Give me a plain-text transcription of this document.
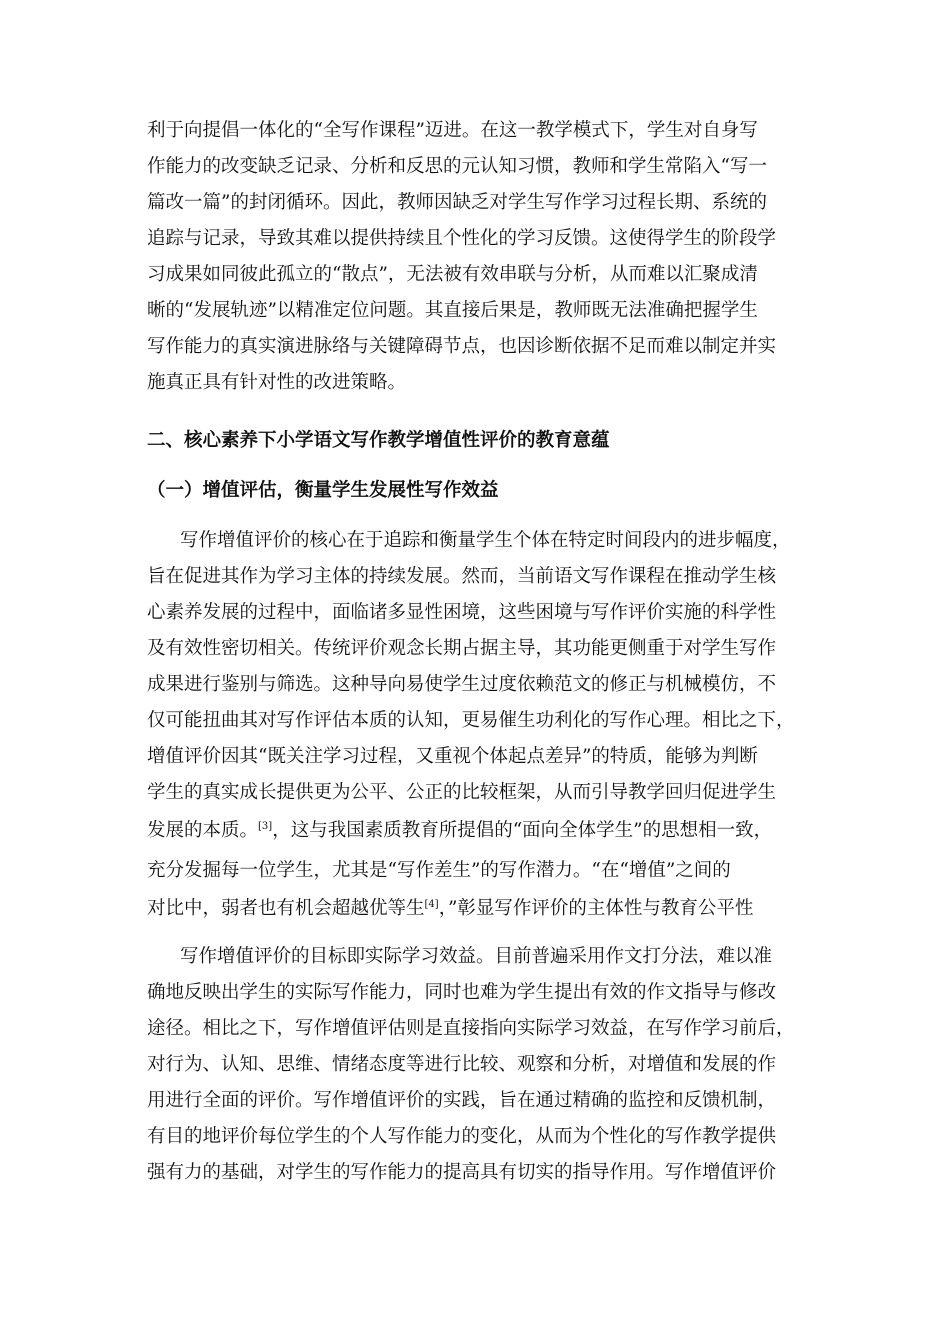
利于向提倡一体化的“全写作课程”迈进。在这一教学模式下，学生对自身写
作能力的改变缺乏记录、分析和反思的元认知习惯，教师和学生常陷入“写一
篇改一篇”的封闭循环。因此，教师因缺乏对学生写作学习过程长期、系统的
追踪与记录，导致其难以提供持续且个性化的学习反馈。这使得学生的阶段学
习成果如同彼此孤立的“散点”，无法被有效串联与分析，从而难以汇聚成清
晰的“发展轨迹”以精准定位问题。其直接后果是，教师既无法准确把握学生
写作能力的真实演进脉络与关键障碍节点，也因诊断依据不足而难以制定并实
施真正具有针对性的改进策略。
二、核心素养下小学语文写作教学增值性评价的教育意蕴
（一）增值评估，衡量学生发展性写作效益
写作增值评价的核心在于追踪和衡量学生个体在特定时间段内的进步幅度，
旨在促进其作为学习主体的持续发展。然而，当前语文写作课程在推动学生核
心素养发展的过程中，面临诸多显性困境，这些困境与写作评价实施的科学性
及有效性密切相关。传统评价观念长期占据主导，其功能更侧重于对学生写作
成果进行鉴别与筛选。这种导向易使学生过度依赖范文的修正与机械模仿，不
仅可能扭曲其对写作评估本质的认知，更易催生功利化的写作心理。相比之下，
增值评价因其“既关注学习过程，又重视个体起点差异”的特质，能够为判断
学生的真实成长提供更为公平、公正的比较框架，从而引导教学回归促进学生
发展的本质。[3]，这与我国素质教育所提倡的“面向全体学生”的思想相一致，
充分发掘每一位学生，尤其是“写作差生”的写作潜力。“在“增值”之间的
对比中，弱者也有机会超越优等生[4]，”彰显写作评价的主体性与教育公平性
写作增值评价的目标即实际学习效益。目前普遍采用作文打分法，难以准
确地反映出学生的实际写作能力，同时也难为学生提出有效的作文指导与修改
途径。相比之下，写作增值评估则是直接指向实际学习效益，在写作学习前后，
对行为、认知、思维、情绪态度等进行比较、观察和分析，对增值和发展的作
用进行全面的评价。写作增值评价的实践，旨在通过精确的监控和反馈机制，
有目的地评价每位学生的个人写作能力的变化，从而为个性化的写作教学提供
强有力的基础，对学生的写作能力的提高具有切实的指导作用。写作增值评价
